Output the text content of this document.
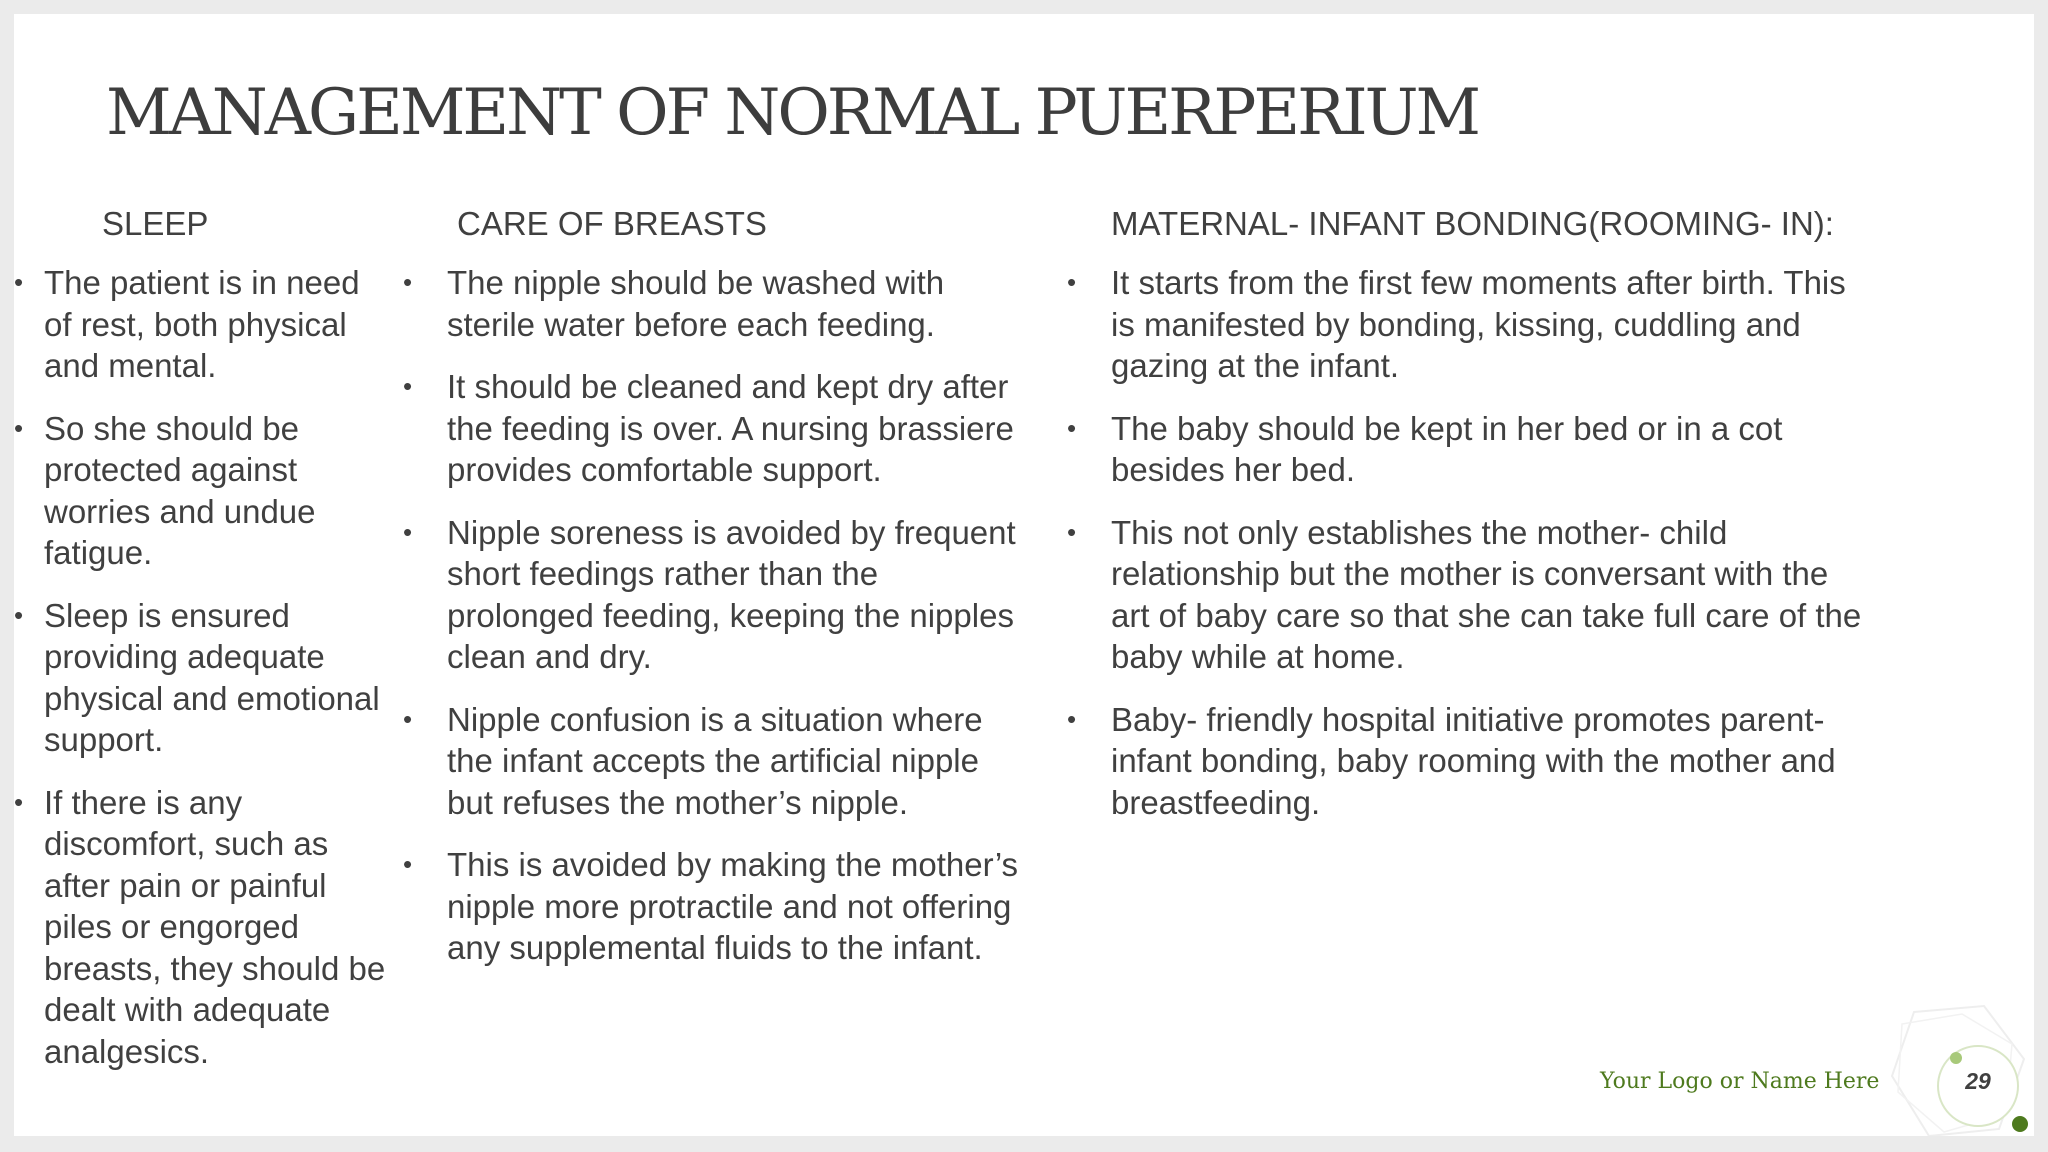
MANAGEMENT OF NORMAL PUERPERIUM
SLEEP
• The patient is in need of rest, both physical and mental.
• So she should be protected against worries and undue fatigue.
• Sleep is ensured providing adequate physical and emotional support.
• If there is any discomfort, such as after pain or painful piles or engorged breasts, they should be dealt with adequate analgesics.
CARE OF BREASTS
• The nipple should be washed with sterile water before each feeding.
• It should be cleaned and kept dry after the feeding is over. A nursing brassiere provides comfortable support.
• Nipple soreness is avoided by frequent short feedings rather than the prolonged feeding, keeping the nipples clean and dry.
• Nipple confusion is a situation where the infant accepts the artificial nipple but refuses the mother’s nipple.
• This is avoided by making the mother’s nipple more protractile and not offering any supplemental fluids to the infant.
MATERNAL- INFANT BONDING(ROOMING- IN):
• It starts from the first few moments after birth. This is manifested by bonding, kissing, cuddling and gazing at the infant.
• The baby should be kept in her bed or in a cot besides her bed.
• This not only establishes the mother- child relationship but the mother is conversant with the art of baby care so that she can take full care of the baby while at home.
• Baby- friendly hospital initiative promotes parent- infant bonding, baby rooming with the mother and breastfeeding.
Your Logo or Name Here	29
